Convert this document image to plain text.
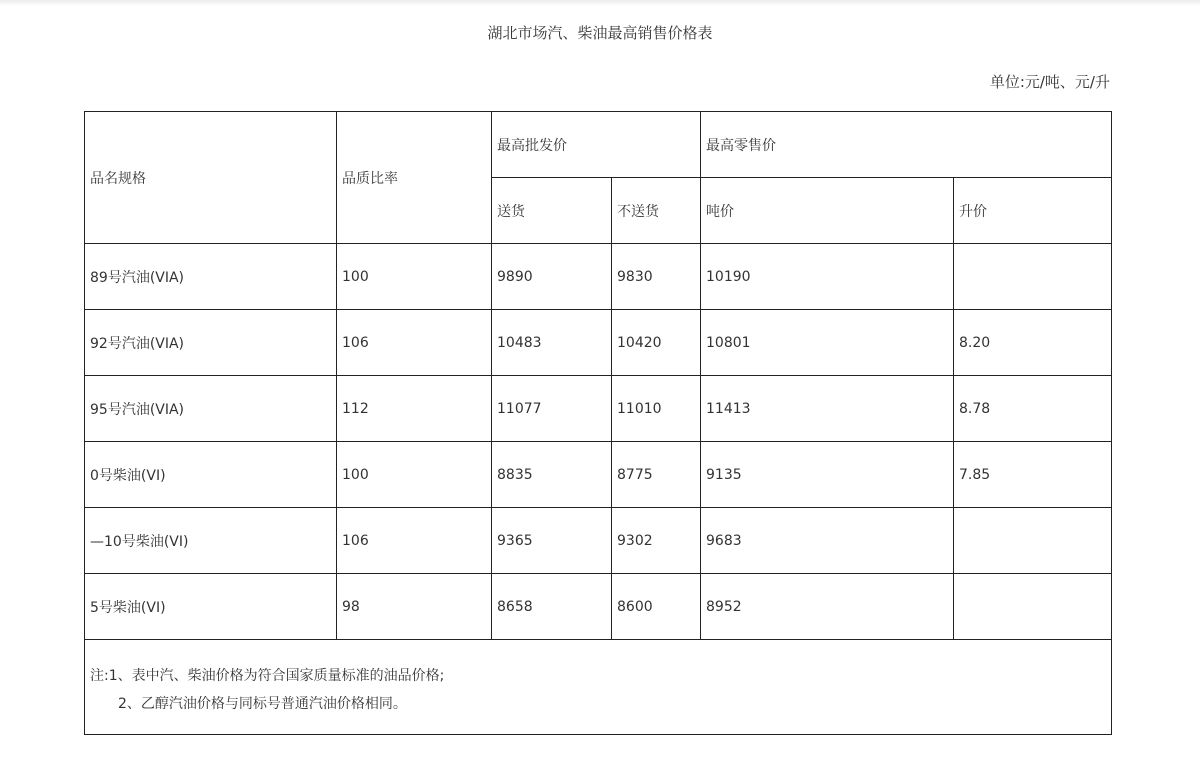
湖北市场汽、柴油最高销售价格表
单位:元/吨、元/升
品名规格	品质比率	最高批发价		最高零售价	
		送货	不送货	吨价	升价
89号汽油(VIA)	100	9890	9830	10190	
92号汽油(VIA)	106	10483	10420	10801	8.20
95号汽油(VIA)	112	11077	11010	11413	8.78
0号柴油(VI)	100	8835	8775	9135	7.85
—10号柴油(VI)	106	9365	9302	9683	
5号柴油(VI)	98	8658	8600	8952	

注:1、表中汽、柴油价格为符合国家质量标准的油品价格;
2、乙醇汽油价格与同标号普通汽油价格相同。					
